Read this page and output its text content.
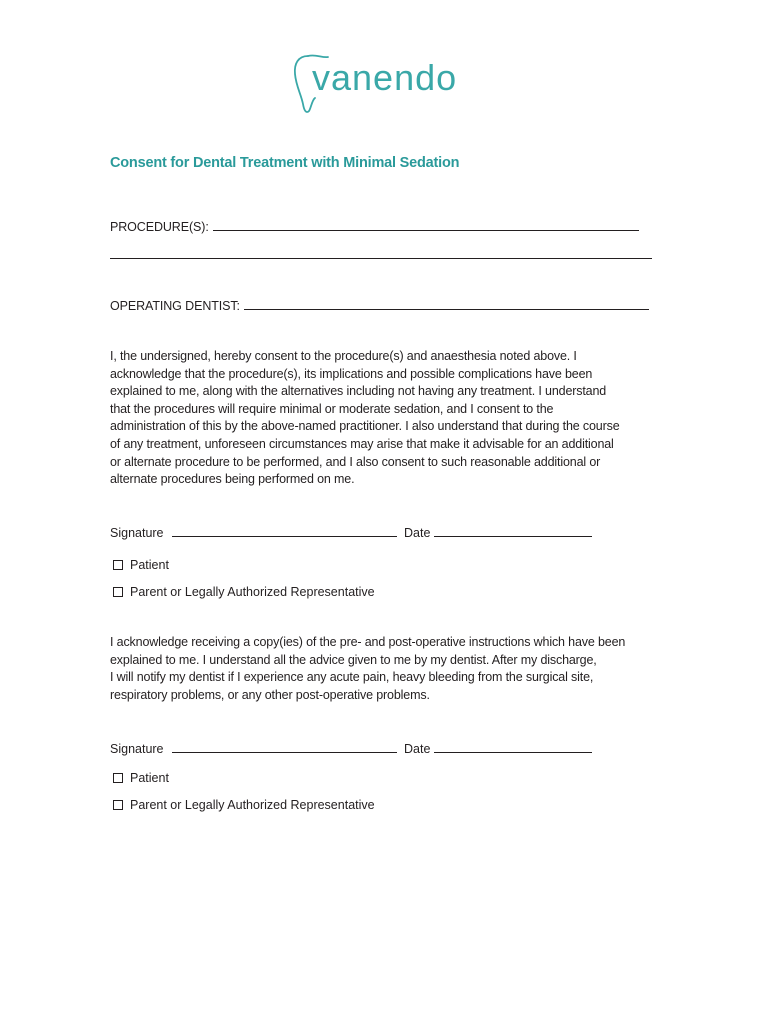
vanendo
Consent for Dental Treatment with Minimal Sedation
PROCEDURE(S):
OPERATING DENTIST:
I, the undersigned, hereby consent to the procedure(s) and anaesthesia noted above. I
acknowledge that the procedure(s), its implications and possible complications have been
explained to me, along with the alternatives including not having any treatment. I understand
that the procedures will require minimal or moderate sedation, and I consent to the
administration of this by the above-named practitioner. I also understand that during the course
of any treatment, unforeseen circumstances may arise that make it advisable for an additional
or alternate procedure to be performed, and I also consent to such reasonable additional or
alternate procedures being performed on me.
Signature	Date
Patient
Parent or Legally Authorized Representative
I acknowledge receiving a copy(ies) of the pre- and post-operative instructions which have been
explained to me. I understand all the advice given to me by my dentist. After my discharge,
I will notify my dentist if I experience any acute pain, heavy bleeding from the surgical site,
respiratory problems, or any other post-operative problems.
Signature	Date
Patient
Parent or Legally Authorized Representative
